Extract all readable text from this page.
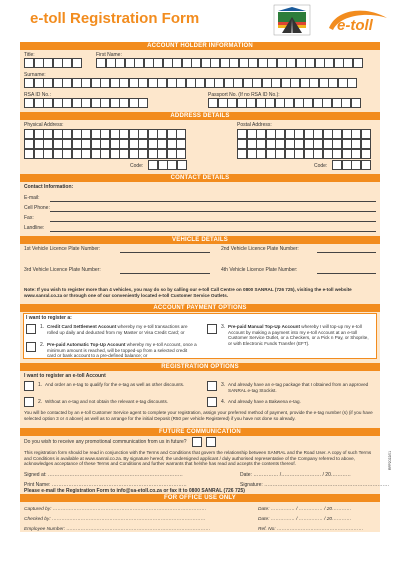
e-toll Registration Form	e-toll
ACCOUNT HOLDER INFORMATION
Title:	First Name:
Surname:
RSA ID No.:	Passport No. (If no RSA ID No.):
ADDRESS DETAILS
Physical Address:	Postal Address:
Code:	Code:
CONTACT DETAILS
Contact Information:
E-mail:
Cell Phone:
Fax:
Landline:
VEHICLE DETAILS
1st Vehicle Licence Plate Number:	2nd Vehicle Licence Plate Number:
3rd Vehicle Licence Plate Number:	4th Vehicle Licence Plate Number:
Note: If you wish to register more than 4 vehicles, you may do so by calling our e-toll Call Centre on 0800 SANRAL (726 725), visiting the e-toll website www.sanral.co.za or through one of our conveniently located e-toll Customer Service Outlets.
ACCOUNT PAYMENT OPTIONS
I want to register a:
1. Credit Card Settlement Account whereby my e-toll transactions are rolled up daily and deducted from my Master or Visa Credit Card; or
2. Pre-paid Automatic Top-Up Account whereby my e-toll Account, once a minimum amount is reached, will be topped-up from a selected credit card or bank account to a pre-defined balance; or
3. Pre-paid Manual Top-Up Account whereby I will top-up my e-toll Account by making a payment into my e-toll Account at an e-toll Customer Service Outlet, or a Checkers, or a Pick n Pay, or Shoprite, or with Electronic Funds Transfer (EFT).
REGISTRATION OPTIONS
I want to register an e-toll Account
1. And order an e-tag to qualify for the e-tag as well as other discounts.
2. Without an e-tag and not obtain the relevant e-tag discounts.
3. And already have an e-tag package that I obtained from an approved SANRAL e-tag Stockist.
4. And already have a Bakwena e-tag.
You will be contacted by an e-toll Customer Service agent to complete your registration, assign your preferred method of payment, provide the e-tag number (s) (if you have selected option 3 or 4 above) as well as to arrange for the initial Deposit (R50 per vehicle Registered) if you have not done so already.
FUTURE COMMUNICATION
Do you wish to receive any promotional communication from us in future?
This registration form should be read in conjunction with the Terms and Conditions that govern the relationship between SANRAL and the Road User. A copy of such Terms and Conditions is available at www.sanral.co.za. By signature hereof, the undersigned applicant / duly authorised representative of the Company referred to above, acknowledges acceptance of these Terms and Conditions and further warrants that he/she has read and accepts the contents thereof.
Signed at: ………………………………………………………………………	Date: …………… /…………………… / 20…………
Print Name: ………………………………………………………………………	Signature: …………………………………………………………………
FOR OFFICE USE ONLY
Please e-mail the Registration Form to info@sa-etoll.co.za or fax it to 0800 SANRAL (726 725)
Captured by: ……………………………………………………………………………………	Date: …………… / …………… / 20…………
Checked by: ……………………………………………………………………………………	Date: …………… / …………… / 20…………
Employee Number: ………………………………………………………………………………	Ref. No: ………………………………………………
RFP2022/01
